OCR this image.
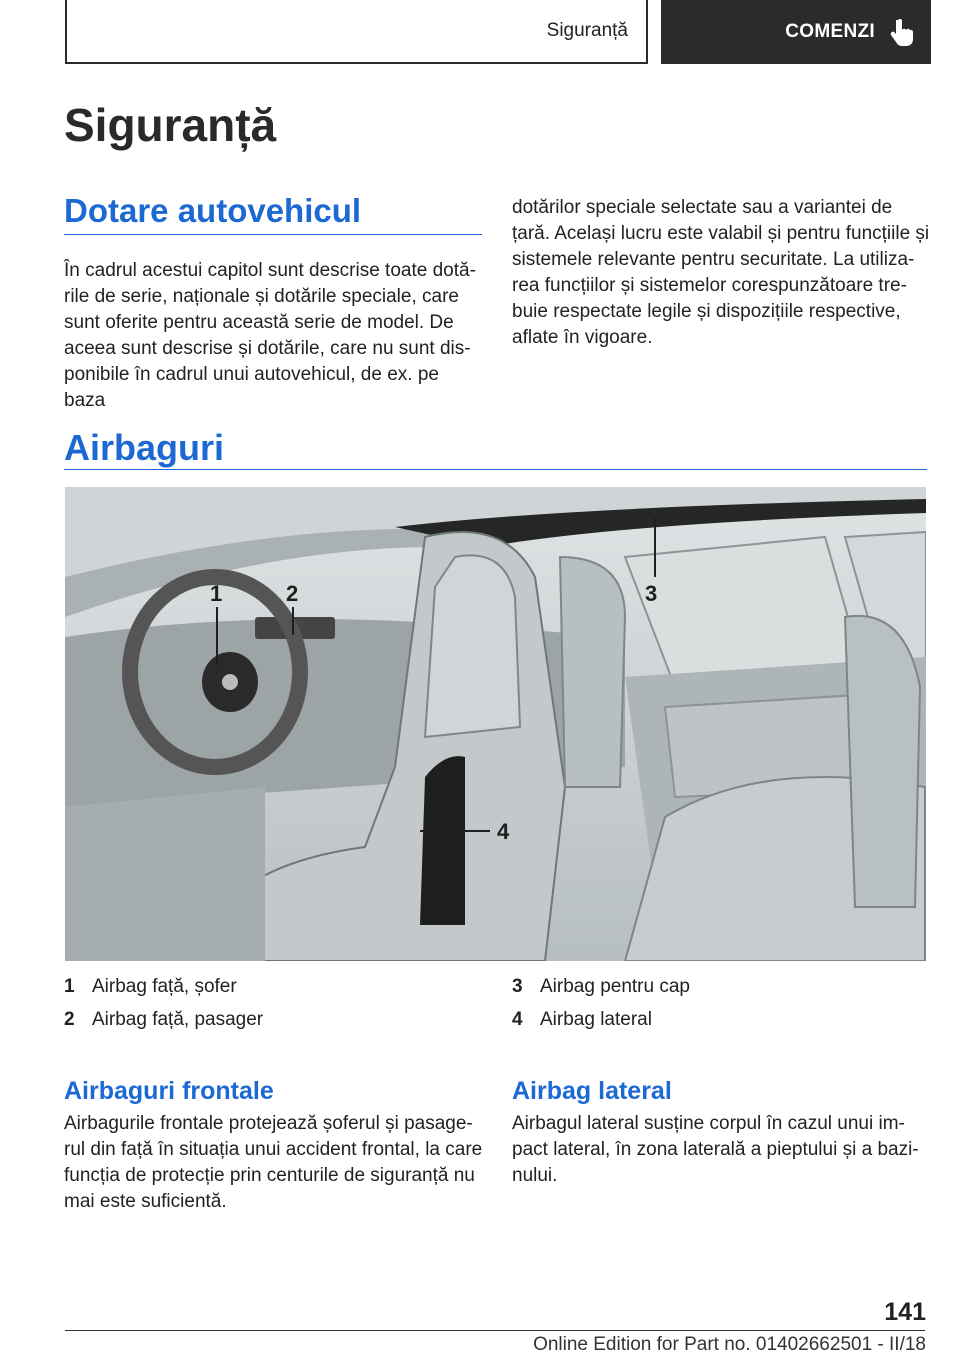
Siguranță	COMENZI
Siguranță
Dotare autovehicul
În cadrul acestui capitol sunt descrise toate dotă-
rile de serie, naționale și dotările speciale, care
sunt oferite pentru această serie de model. De
aceea sunt descrise și dotările, care nu sunt dis-
ponibile în cadrul unui autovehicul, de ex. pe baza
dotărilor speciale selectate sau a variantei de
țară. Același lucru este valabil și pentru funcțiile și
sistemele relevante pentru securitate. La utiliza-
rea funcțiilor și sistemelor corespunzătoare tre-
buie respectate legile și dispozițiile respective,
aflate în vigoare.
Airbaguri
1	2	3
4
1 Airbag față, șofer
2 Airbag față, pasager
3 Airbag pentru cap
4 Airbag lateral
Airbaguri frontale
Airbagurile frontale protejează șoferul și pasage-
rul din față în situația unui accident frontal, la care
funcția de protecție prin centurile de siguranță nu
mai este suficientă.
Airbag lateral
Airbagul lateral susține corpul în cazul unui im-
pact lateral, în zona laterală a pieptului și a bazi-
nului.
141
Online Edition for Part no. 01402662501 - II/18
